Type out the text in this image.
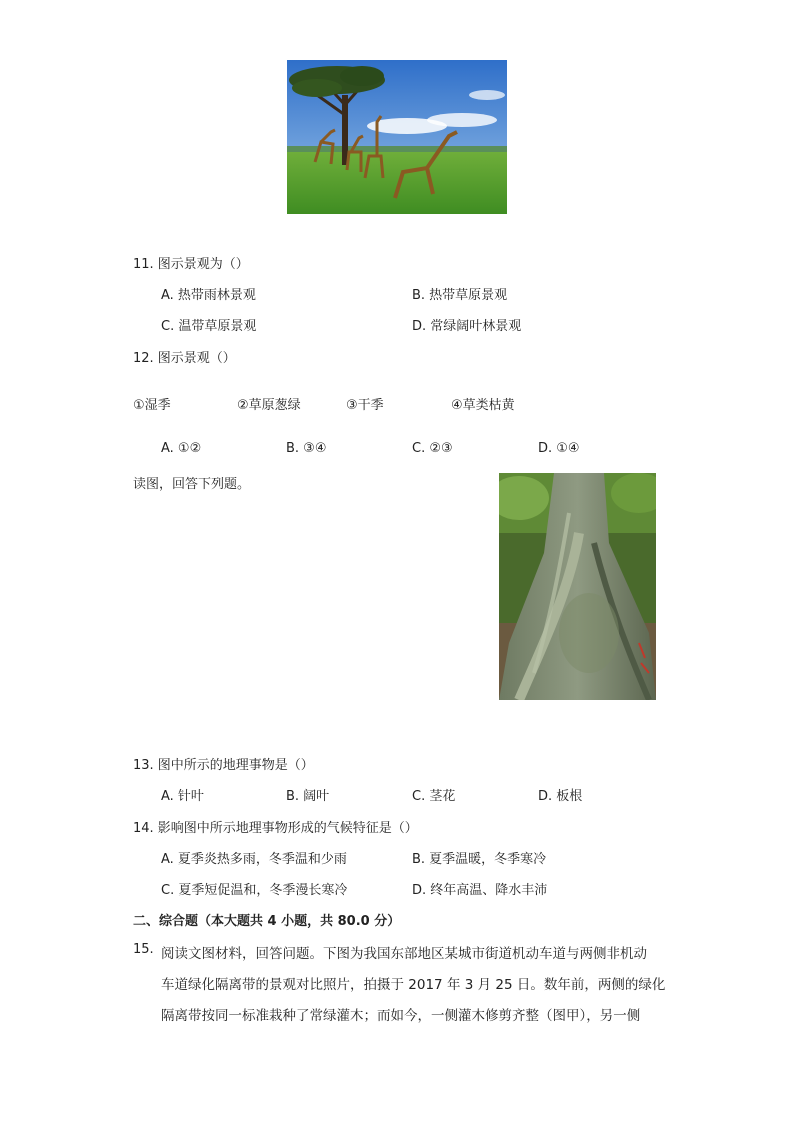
11. 图示景观为（）
A. 热带雨林景观	B. 热带草原景观
C. 温带草原景观	D. 常绿阔叶林景观
12. 图示景观（）
①湿季	②草原葱绿	③干季	④草类枯黄
A. ①②	B. ③④	C. ②③	D. ①④
读图，回答下列题。
13. 图中所示的地理事物是（）
A. 针叶	B. 阔叶	C. 茎花	D. 板根
14. 影响图中所示地理事物形成的气候特征是（）
A. 夏季炎热多雨，冬季温和少雨	B. 夏季温暖，冬季寒冷
C. 夏季短促温和，冬季漫长寒冷	D. 终年高温、降水丰沛
二、综合题（本大题共 4 小题，共 80.0 分）
15. 阅读文图材料，回答问题。下图为我国东部地区某城市街道机动车道与两侧非机动
车道绿化隔离带的景观对比照片，拍摄于 2017 年 3 月 25 日。数年前，两侧的绿化
隔离带按同一标准栽种了常绿灌木；而如今，一侧灌木修剪齐整（图甲），另一侧
